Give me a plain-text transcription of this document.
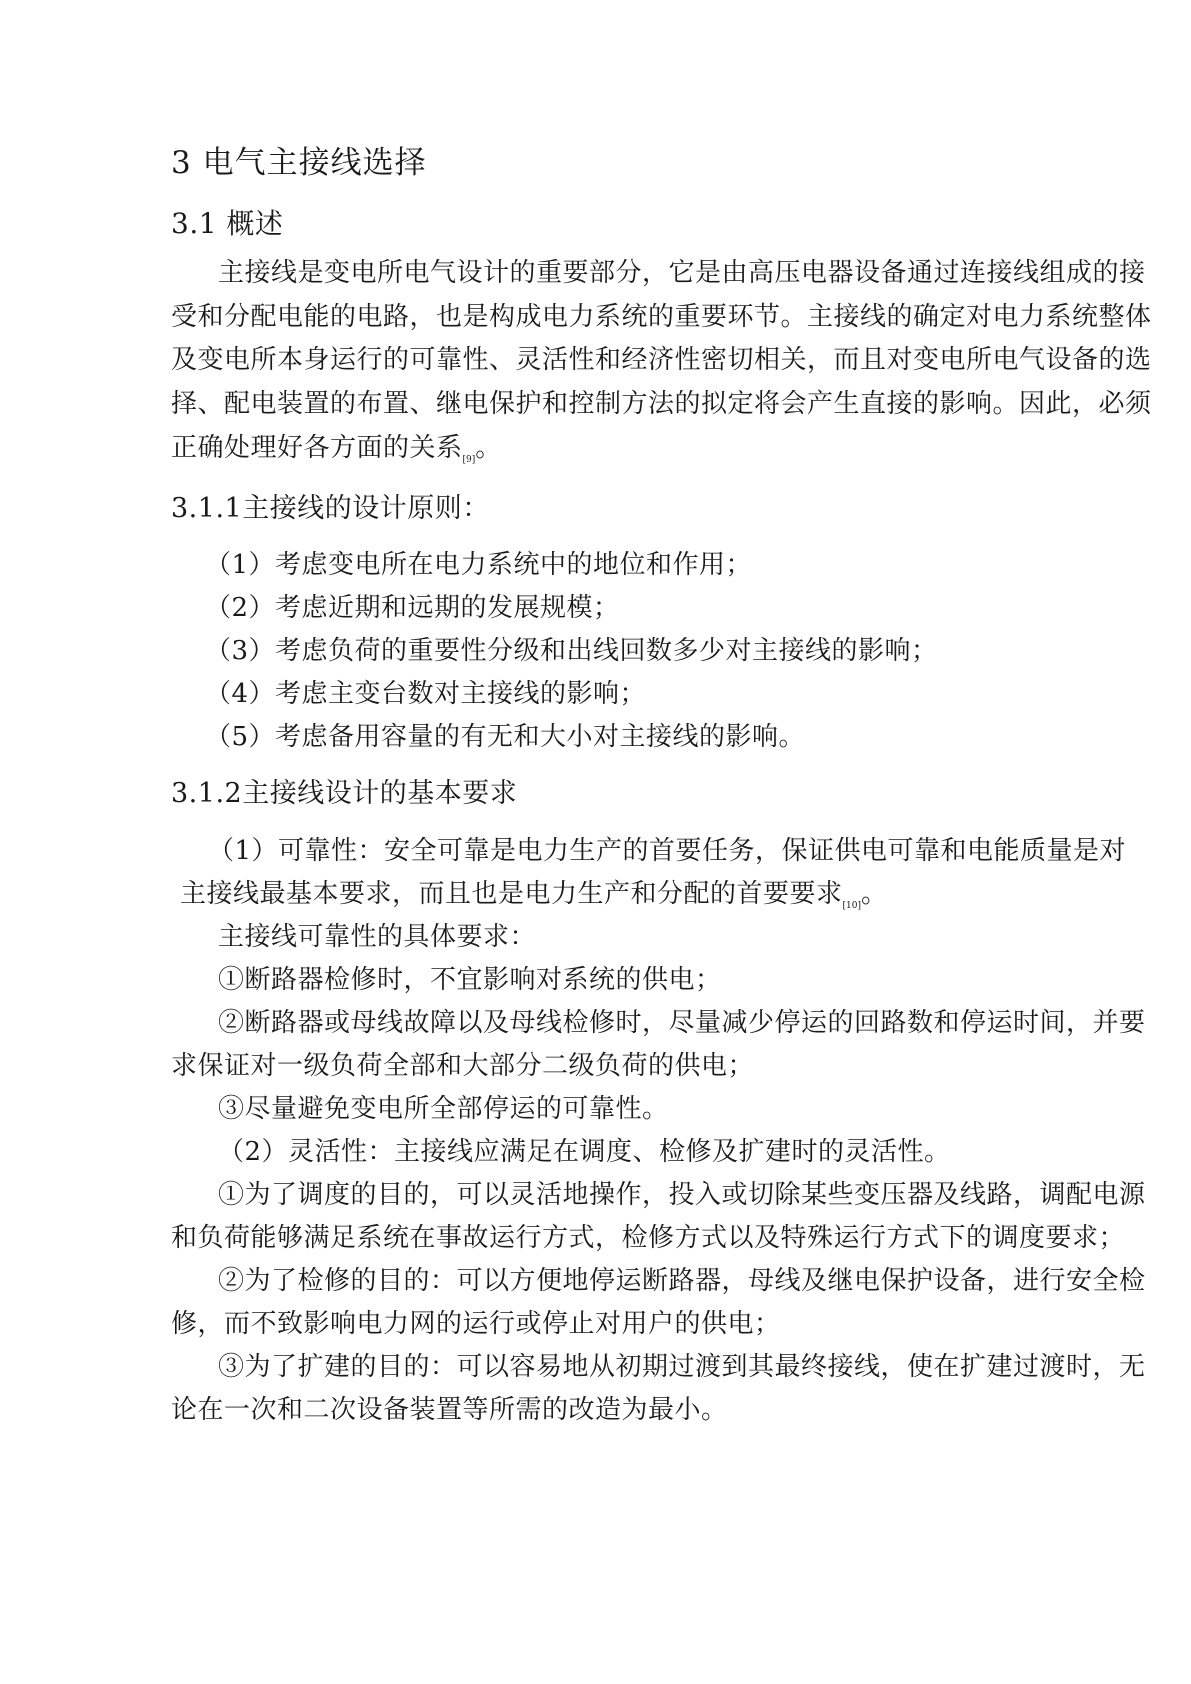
3 电气主接线选择
3.1 概述
主接线是变电所电气设计的重要部分，它是由高压电器设备通过连接线组成的接
受和分配电能的电路，也是构成电力系统的重要环节。主接线的确定对电力系统整体
及变电所本身运行的可靠性、灵活性和经济性密切相关，而且对变电所电气设备的选
择、配电装置的布置、继电保护和控制方法的拟定将会产生直接的影响。因此，必须
正确处理好各方面的关系$_{[9]}$。
3.1.1主接线的设计原则：
（1）考虑变电所在电力系统中的地位和作用；
（2）考虑近期和远期的发展规模；
（3）考虑负荷的重要性分级和出线回数多少对主接线的影响；
（4）考虑主变台数对主接线的影响；
（5）考虑备用容量的有无和大小对主接线的影响。
3.1.2主接线设计的基本要求
（1）可靠性：安全可靠是电力生产的首要任务，保证供电可靠和电能质量是对
主接线最基本要求，而且也是电力生产和分配的首要要求$_{[10]}$。
主接线可靠性的具体要求：
①断路器检修时，不宜影响对系统的供电；
②断路器或母线故障以及母线检修时，尽量减少停运的回路数和停运时间，并要
求保证对一级负荷全部和大部分二级负荷的供电；
③尽量避免变电所全部停运的可靠性。
（2）灵活性：主接线应满足在调度、检修及扩建时的灵活性。
①为了调度的目的，可以灵活地操作，投入或切除某些变压器及线路，调配电源
和负荷能够满足系统在事故运行方式，检修方式以及特殊运行方式下的调度要求；
②为了检修的目的：可以方便地停运断路器，母线及继电保护设备，进行安全检
修，而不致影响电力网的运行或停止对用户的供电；
③为了扩建的目的：可以容易地从初期过渡到其最终接线，使在扩建过渡时，无
论在一次和二次设备装置等所需的改造为最小。
